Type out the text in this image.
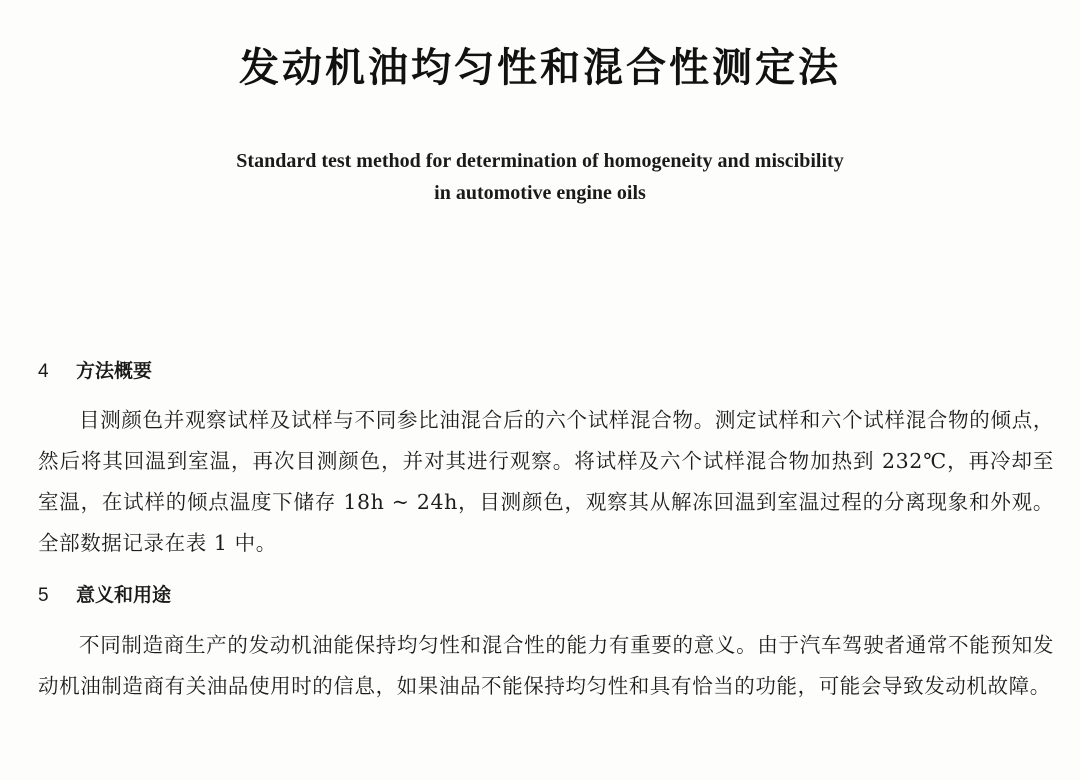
发动机油均匀性和混合性测定法
Standard test method for determination of homogeneity and miscibility
in automotive engine oils
4 方法概要
目测颜色并观察试样及试样与不同参比油混合后的六个试样混合物。测定试样和六个试样混合物的倾点，然后将其回温到室温，再次目测颜色，并对其进行观察。将试样及六个试样混合物加热到 232℃，再冷却至室温，在试样的倾点温度下储存 18h ~ 24h，目测颜色，观察其从解冻回温到室温过程的分离现象和外观。全部数据记录在表 1 中。
5 意义和用途
不同制造商生产的发动机油能保持均匀性和混合性的能力有重要的意义。由于汽车驾驶者通常不能预知发动机油制造商有关油品使用时的信息，如果油品不能保持均匀性和具有恰当的功能，可能会导致发动机故障。
